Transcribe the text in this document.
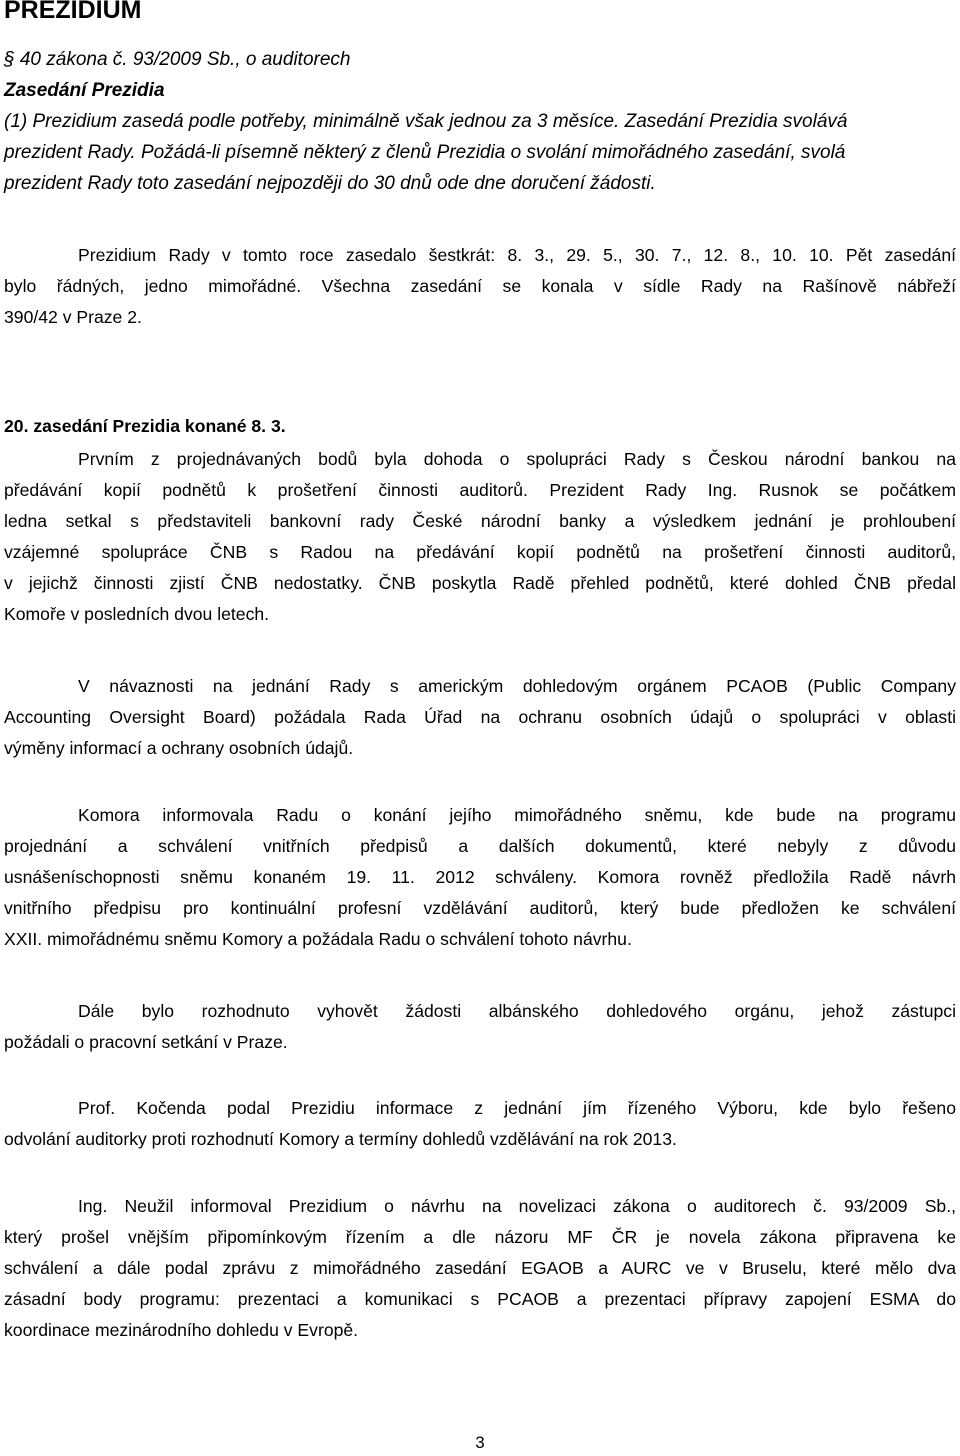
PREZIDIUM
§ 40 zákona č. 93/2009 Sb., o auditorech
Zasedání Prezidia
(1) Prezidium zasedá podle potřeby, minimálně však jednou za 3 měsíce. Zasedání Prezidia svolává
prezident Rady. Požádá-li písemně některý z členů Prezidia o svolání mimořádného zasedání, svolá
prezident Rady toto zasedání nejpozději do 30 dnů ode dne doručení žádosti.
Prezidium Rady v tomto roce zasedalo šestkrát: 8. 3., 29. 5., 30. 7., 12. 8., 10. 10. Pět zasedání
bylo řádných, jedno mimořádné. Všechna zasedání se konala v sídle Rady na Rašínově nábřeží
390/42 v Praze 2.
20. zasedání Prezidia konané 8. 3.
Prvním z projednávaných bodů byla dohoda o spolupráci Rady s Českou národní bankou na
předávání kopií podnětů k prošetření činnosti auditorů. Prezident Rady Ing. Rusnok se počátkem
ledna setkal s představiteli bankovní rady České národní banky a výsledkem jednání je prohloubení
vzájemné spolupráce ČNB s Radou na předávání kopií podnětů na prošetření činnosti auditorů,
v jejichž činnosti zjistí ČNB nedostatky. ČNB poskytla Radě přehled podnětů, které dohled ČNB předal
Komoře v posledních dvou letech.
V návaznosti na jednání Rady s americkým dohledovým orgánem PCAOB (Public Company
Accounting Oversight Board) požádala Rada Úřad na ochranu osobních údajů o spolupráci v oblasti
výměny informací a ochrany osobních údajů.
Komora informovala Radu o konání jejího mimořádného sněmu, kde bude na programu
projednání a schválení vnitřních předpisů a dalších dokumentů, které nebyly z důvodu
usnášeníschopnosti sněmu konaném 19. 11. 2012 schváleny. Komora rovněž předložila Radě návrh
vnitřního předpisu pro kontinuální profesní vzdělávání auditorů, který bude předložen ke schválení
XXII. mimořádnému sněmu Komory a požádala Radu o schválení tohoto návrhu.
Dále bylo rozhodnuto vyhovět žádosti albánského dohledového orgánu, jehož zástupci
požádali o pracovní setkání v Praze.
Prof. Kočenda podal Prezidiu informace z jednání jím řízeného Výboru, kde bylo řešeno
odvolání auditorky proti rozhodnutí Komory a termíny dohledů vzdělávání na rok 2013.
Ing. Neužil informoval Prezidium o návrhu na novelizaci zákona o auditorech č. 93/2009 Sb.,
který prošel vnějším připomínkovým řízením a dle názoru MF ČR je novela zákona připravena ke
schválení a dále podal zprávu z mimořádného zasedání EGAOB a AURC ve v Bruselu, které mělo dva
zásadní body programu: prezentaci a komunikaci s PCAOB a prezentaci přípravy zapojení ESMA do
koordinace mezinárodního dohledu v Evropě.
3
